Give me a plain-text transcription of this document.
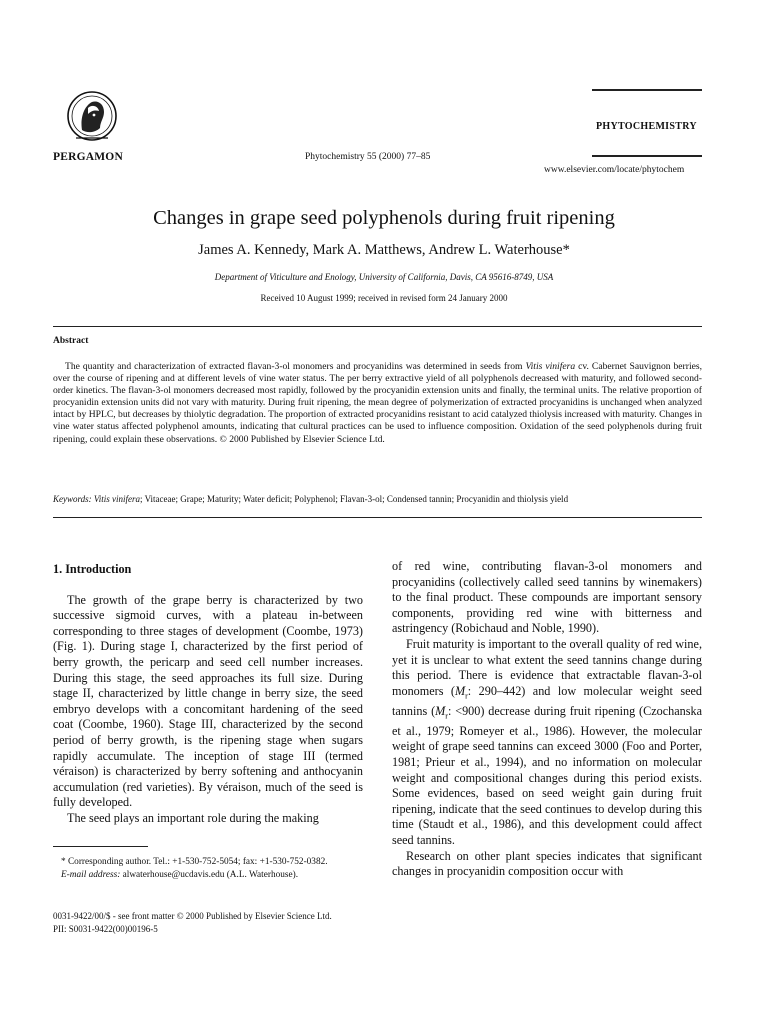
PERGAMON	Phytochemistry 55 (2000) 77–85
PHYTOCHEMISTRY
www.elsevier.com/locate/phytochem
Changes in grape seed polyphenols during fruit ripening
James A. Kennedy, Mark A. Matthews, Andrew L. Waterhouse*
Department of Viticulture and Enology, University of California, Davis, CA 95616-8749, USA
Received 10 August 1999; received in revised form 24 January 2000
Abstract
The quantity and characterization of extracted flavan-3-ol monomers and procyanidins was determined in seeds from Vitis vinifera cv. Cabernet Sauvignon berries, over the course of ripening and at different levels of vine water status. The per berry extractive yield of all polyphenols decreased with maturity, and followed second-order kinetics. The flavan-3-ol monomers decreased most rapidly, followed by the procyanidin extension units and finally, the terminal units. The relative proportion of procyanidin extension units did not vary with maturity. During fruit ripening, the mean degree of polymerization of extracted procyanidins is unchanged when analyzed intact by HPLC, but decreases by thiolytic degradation. The proportion of extracted procyanidins resistant to acid catalyzed thiolysis increased with maturity. Changes in vine water status affected polyphenol amounts, indicating that cultural practices can be used to influence composition. Oxidation of the seed polyphenols during fruit ripening, could explain these observations. © 2000 Published by Elsevier Science Ltd.
Keywords: Vitis vinifera; Vitaceae; Grape; Maturity; Water deficit; Polyphenol; Flavan-3-ol; Condensed tannin; Procyanidin and thiolysis yield
1. Introduction

The growth of the grape berry is characterized by two successive sigmoid curves, with a plateau in-between corresponding to three stages of development (Coombe, 1973) (Fig. 1). During stage I, characterized by the first period of berry growth, the pericarp and seed cell number increases. During this stage, the seed approaches its full size. During stage II, characterized by little change in berry size, the seed embryo develops with a concomitant hardening of the seed coat (Coombe, 1960). Stage III, characterized by the second period of berry growth, is the ripening stage when sugars rapidly accumulate. The inception of stage III (termed véraison) is characterized by berry softening and anthocyanin accumulation (red varieties). By véraison, much of the seed is fully developed.

The seed plays an important role during the making

of red wine, contributing flavan-3-ol monomers and procyanidins (collectively called seed tannins by winemakers) to the final product. These compounds are important sensory components, providing red wine with bitterness and astringency (Robichaud and Noble, 1990).

Fruit maturity is important to the overall quality of red wine, yet it is unclear to what extent the seed tannins change during this period. There is evidence that extractable flavan-3-ol monomers ($M_r$: 290–442) and low molecular weight seed tannins ($M_r$: <900) decrease during fruit ripening (Czochanska et al., 1979; Romeyer et al., 1986). However, the molecular weight of grape seed tannins can exceed 3000 (Foo and Porter, 1981; Prieur et al., 1994), and no information on molecular weight and compositional changes during this period exists. Some evidences, based on seed weight gain during fruit ripening, indicate that the seed continues to develop during this time (Staudt et al., 1986), and this development could affect seed tannins.

Research on other plant species indicates that significant changes in procyanidin composition occur with

* Corresponding author. Tel.: +1-530-752-5054; fax: +1-530-752-0382.
E-mail address: alwaterhouse@ucdavis.edu (A.L. Waterhouse).
0031-9422/00/$ - see front matter © 2000 Published by Elsevier Science Ltd.
PII: S0031-9422(00)00196-5
